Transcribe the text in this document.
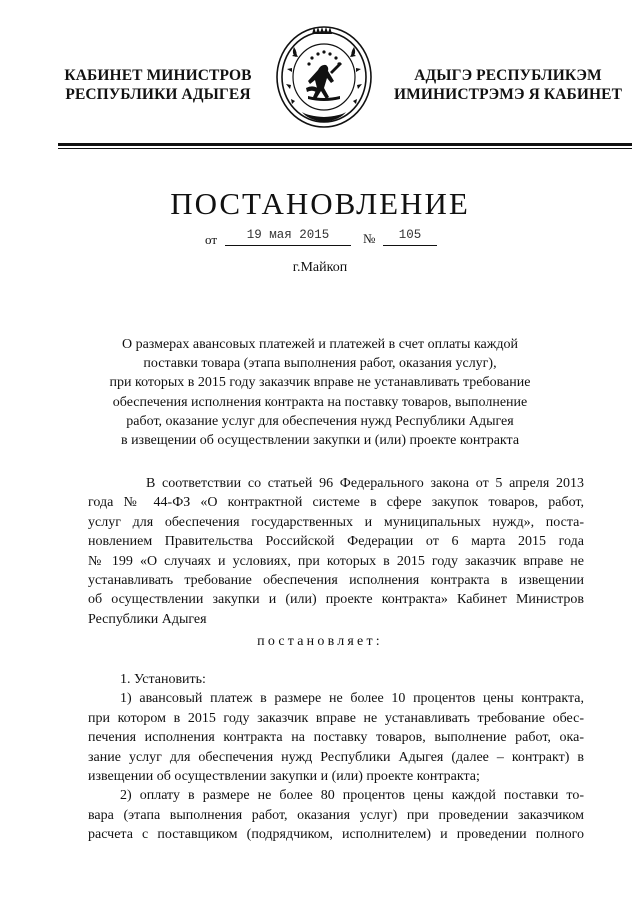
КАБИНЕТ МИНИСТРОВ
РЕСПУБЛИКИ АДЫГЕЯ
АДЫГЭ РЕСПУБЛИКЭМ
ИМИНИСТРЭМЭ Я КАБИНЕТ
ПОСТАНОВЛЕНИЕ
от	19 мая 2015	№	105
г.Майкоп
О размерах авансовых платежей и платежей в счет оплаты каждой
поставки товара (этапа выполнения работ, оказания услуг),
при которых в 2015 году заказчик вправе не устанавливать требование
обеспечения исполнения контракта на поставку товаров, выполнение
работ, оказание услуг для обеспечения нужд Республики Адыгея
в извещении об осуществлении закупки и (или) проекте контракта
В соответствии со статьей 96 Федерального закона от 5 апреля 2013
года № 44-ФЗ «О контрактной системе в сфере закупок товаров, работ,
услуг для обеспечения государственных и муниципальных нужд», поста-
новлением Правительства Российской Федерации от 6 марта 2015 года
№ 199 «О случаях и условиях, при которых в 2015 году заказчик вправе не
устанавливать требование обеспечения исполнения контракта в извещении
об осуществлении закупки и (или) проекте контракта» Кабинет Министров
Республики Адыгея
постановляет:
1. Установить:
1) авансовый платеж в размере не более 10 процентов цены контракта,
при котором в 2015 году заказчик вправе не устанавливать требование обес-
печения исполнения контракта на поставку товаров, выполнение работ, ока-
зание услуг для обеспечения нужд Республики Адыгея (далее – контракт) в
извещении об осуществлении закупки и (или) проекте контракта;
2) оплату в размере не более 80 процентов цены каждой поставки то-
вара (этапа выполнения работ, оказания услуг) при проведении заказчиком
расчета с поставщиком (подрядчиком, исполнителем) и проведении полного
